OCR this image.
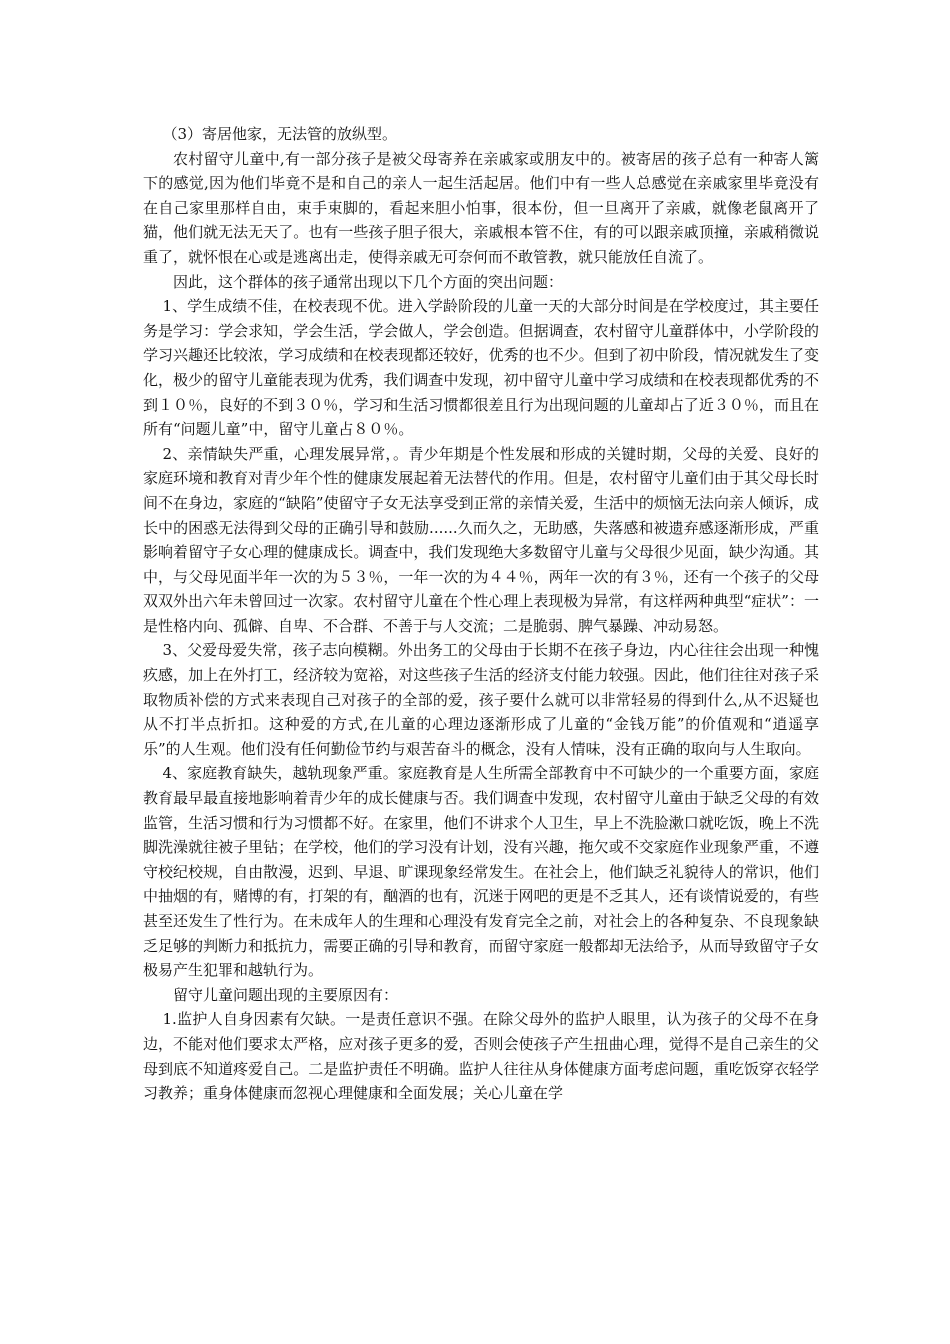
（3）寄居他家，无法管的放纵型。

农村留守儿童中,有一部分孩子是被父母寄养在亲戚家或朋友中的。被寄居的孩子总有一种寄人篱下的感觉,因为他们毕竟不是和自己的亲人一起生活起居。他们中有一些人总感觉在亲戚家里毕竟没有在自己家里那样自由，束手束脚的，看起来胆小怕事，很本份，但一旦离开了亲戚，就像老鼠离开了猫，他们就无法无天了。也有一些孩子胆子很大，亲戚根本管不住，有的可以跟亲戚顶撞，亲戚稍微说重了，就怀恨在心或是逃离出走，使得亲戚无可奈何而不敢管教，就只能放任自流了。

因此，这个群体的孩子通常出现以下几个方面的突出问题：

1、学生成绩不佳，在校表现不优。进入学龄阶段的儿童一天的大部分时间是在学校度过，其主要任务是学习：学会求知，学会生活，学会做人，学会创造。但据调查，农村留守儿童群体中，小学阶段的学习兴趣还比较浓，学习成绩和在校表现都还较好，优秀的也不少。但到了初中阶段，情况就发生了变化，极少的留守儿童能表现为优秀，我们调查中发现，初中留守儿童中学习成绩和在校表现都优秀的不到１０％，良好的不到３０％，学习和生活习惯都很差且行为出现问题的儿童却占了近３０％，而且在所有“问题儿童”中，留守儿童占８０％。

2、亲情缺失严重，心理发展异常，。青少年期是个性发展和形成的关键时期，父母的关爱、良好的家庭环境和教育对青少年个性的健康发展起着无法替代的作用。但是，农村留守儿童们由于其父母长时间不在身边，家庭的“缺陷”使留守子女无法享受到正常的亲情关爱，生活中的烦恼无法向亲人倾诉，成长中的困惑无法得到父母的正确引导和鼓励......久而久之，无助感，失落感和被遗弃感逐渐形成，严重影响着留守子女心理的健康成长。调查中，我们发现绝大多数留守儿童与父母很少见面，缺少沟通。其中，与父母见面半年一次的为５３％，一年一次的为４４％，两年一次的有３％，还有一个孩子的父母双双外出六年未曾回过一次家。农村留守儿童在个性心理上表现极为异常，有这样两种典型“症状”：一是性格内向、孤僻、自卑、不合群、不善于与人交流；二是脆弱、脾气暴躁、冲动易怒。

3、父爱母爱失常，孩子志向模糊。外出务工的父母由于长期不在孩子身边，内心往往会出现一种愧疚感，加上在外打工，经济较为宽裕，对这些孩子生活的经济支付能力较强。因此，他们往往对孩子采取物质补偿的方式来表现自己对孩子的全部的爱，孩子要什么就可以非常轻易的得到什么,从不迟疑也从不打半点折扣。这种爱的方式,在儿童的心理边逐渐形成了儿童的“金钱万能”的价值观和“逍遥享乐”的人生观。他们没有任何勤俭节约与艰苦奋斗的概念，没有人情味，没有正确的取向与人生取向。

4、家庭教育缺失，越轨现象严重。家庭教育是人生所需全部教育中不可缺少的一个重要方面，家庭教育最早最直接地影响着青少年的成长健康与否。我们调查中发现，农村留守儿童由于缺乏父母的有效监管，生活习惯和行为习惯都不好。在家里，他们不讲求个人卫生，早上不洗脸漱口就吃饭，晚上不洗脚洗澡就往被子里钻；在学校，他们的学习没有计划，没有兴趣，拖欠或不交家庭作业现象严重，不遵守校纪校规，自由散漫，迟到、早退、旷课现象经常发生。在社会上，他们缺乏礼貌待人的常识，他们中抽烟的有，赌博的有，打架的有，酗酒的也有，沉迷于网吧的更是不乏其人，还有谈情说爱的，有些甚至还发生了性行为。在未成年人的生理和心理没有发育完全之前，对社会上的各种复杂、不良现象缺乏足够的判断力和抵抗力，需要正确的引导和教育，而留守家庭一般都却无法给予，从而导致留守子女极易产生犯罪和越轨行为。

留守儿童问题出现的主要原因有：

1.监护人自身因素有欠缺。一是责任意识不强。在除父母外的监护人眼里，认为孩子的父母不在身边，不能对他们要求太严格，应对孩子更多的爱，否则会使孩子产生扭曲心理，觉得不是自己亲生的父母到底不知道疼爱自己。二是监护责任不明确。监护人往往从身体健康方面考虑问题，重吃饭穿衣轻学习教养；重身体健康而忽视心理健康和全面发展；关心儿童在学
